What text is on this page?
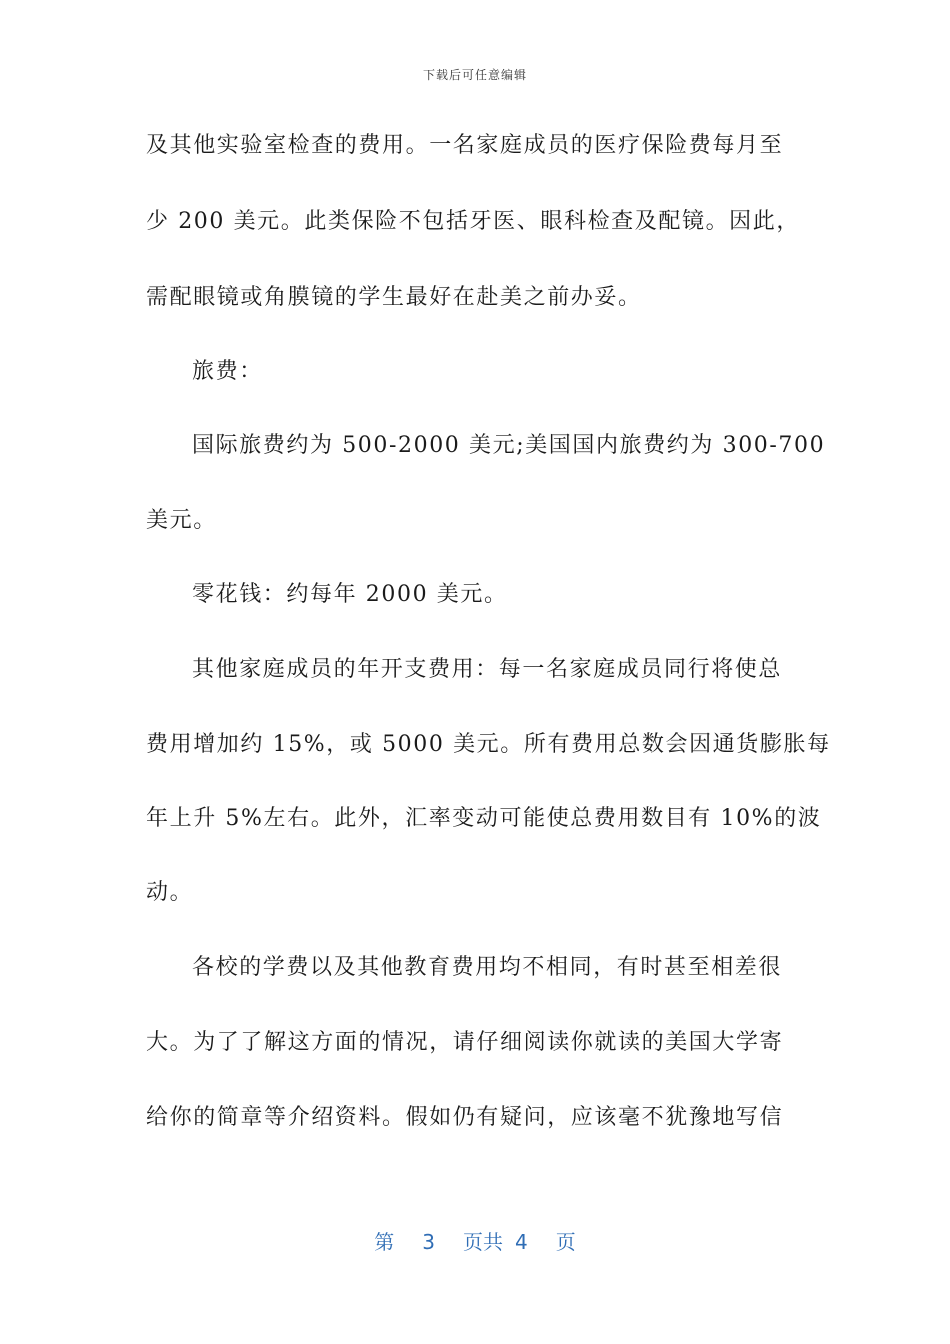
下载后可任意编辑
及其他实验室检查的费用。一名家庭成员的医疗保险费每月至
少 200 美元。此类保险不包括牙医、眼科检查及配镜。因此，
需配眼镜或角膜镜的学生最好在赴美之前办妥。
旅费：
国际旅费约为 500-2000 美元;美国国内旅费约为 300-700
美元。
零花钱：约每年 2000 美元。
其他家庭成员的年开支费用：每一名家庭成员同行将使总
费用增加约 15%，或 5000 美元。所有费用总数会因通货膨胀每
年上升 5%左右。此外，汇率变动可能使总费用数目有 10%的波
动。
各校的学费以及其他教育费用均不相同，有时甚至相差很
大。为了了解这方面的情况，请仔细阅读你就读的美国大学寄
给你的简章等介绍资料。假如仍有疑问，应该毫不犹豫地写信
第 3 页共 4 页
